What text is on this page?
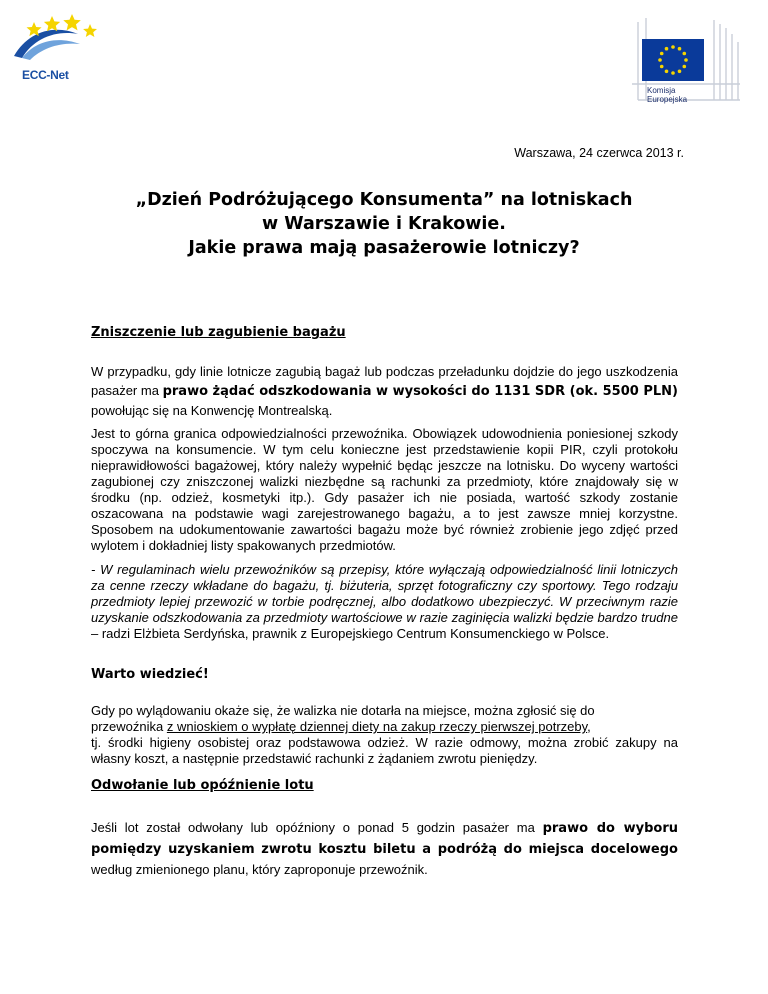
ECC-Net
Komisja
Europejska
Warszawa, 24 czerwca 2013 r.
„Dzień Podróżującego Konsumenta” na lotniskach
w Warszawie i Krakowie.
Jakie prawa mają pasażerowie lotniczy?
Zniszczenie lub zagubienie bagażu
W przypadku, gdy linie lotnicze zagubią bagaż lub podczas przeładunku dojdzie do jego uszkodzenia pasażer ma prawo żądać odszkodowania w wysokości do 1131 SDR (ok. 5500 PLN) powołując się na Konwencję Montrealską.
Jest to górna granica odpowiedzialności przewoźnika. Obowiązek udowodnienia poniesionej szkody spoczywa na konsumencie. W tym celu konieczne jest przedstawienie kopii PIR, czyli protokołu nieprawidłowości bagażowej, który należy wypełnić będąc jeszcze na lotnisku. Do wyceny wartości zagubionej czy zniszczonej walizki niezbędne są rachunki za przedmioty, które znajdowały się w środku (np. odzież, kosmetyki itp.). Gdy pasażer ich nie posiada, wartość szkody zostanie oszacowana na podstawie wagi zarejestrowanego bagażu, a to jest zawsze mniej korzystne. Sposobem na udokumentowanie zawartości bagażu może być również zrobienie jego zdjęć przed wylotem i dokładniej listy spakowanych przedmiotów.
- W regulaminach wielu przewoźników są przepisy, które wyłączają odpowiedzialność linii lotniczych za cenne rzeczy wkładane do bagażu, tj. biżuteria, sprzęt fotograficzny czy sportowy. Tego rodzaju przedmioty lepiej przewozić w torbie podręcznej, albo dodatkowo ubezpieczyć. W przeciwnym razie uzyskanie odszkodowania za przedmioty wartościowe w razie zaginięcia walizki będzie bardzo trudne – radzi Elżbieta Serdyńska, prawnik z Europejskiego Centrum Konsumenckiego w Polsce.
Warto wiedzieć!
Gdy po wylądowaniu okaże się, że walizka nie dotarła na miejsce, można zgłosić się do
przewoźnika z wnioskiem o wypłatę dziennej diety na zakup rzeczy pierwszej potrzeby,
tj. środki higieny osobistej oraz podstawowa odzież. W razie odmowy, można zrobić zakupy na własny koszt, a następnie przedstawić rachunki z żądaniem zwrotu pieniędzy.
Odwołanie lub opóźnienie lotu
Jeśli lot został odwołany lub opóźniony o ponad 5 godzin pasażer ma prawo do wyboru pomiędzy uzyskaniem zwrotu kosztu biletu a podróżą do miejsca docelowego według zmienionego planu, który zaproponuje przewoźnik.
